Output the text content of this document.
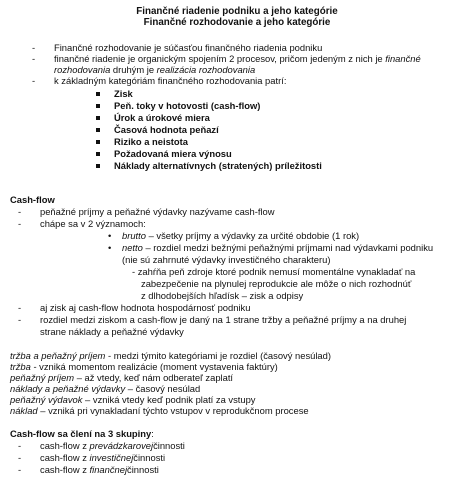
Finančné riadenie podniku a jeho kategórie
Finančné rozhodovanie a jeho kategórie
- Finančné rozhodovanie je súčasťou finančného riadenia podniku
- finančné riadenie je organickým spojením 2 procesov, pričom jedeným z nich je finančné
rozhodovania druhým je realizácia rozhodovania
- k základným kategóriám finančného rozhodovania patrí:
Zisk
Peň. toky v hotovosti (cash-flow)
Úrok a úrokové miera
Časová hodnota peňazí
Riziko a neistota
Požadovaná miera výnosu
Náklady alternatívnych (stratených) príležitosti
Cash-flow
- peňažné príjmy a peňažné výdavky nazývame cash-flow
- chápe sa v 2 významoch:
• brutto – všetky príjmy a výdavky za určité obdobie (1 rok)
• netto – rozdiel medzi bežnými peňažnými príjmami nad výdavkami podniku
(nie sú zahrnuté výdavky investičného charakteru)
- zahŕňa peň zdroje ktoré podnik nemusí momentálne vynakladať na
zabezpečenie na plynulej reprodukcie ale môže o nich rozhodnúť
z dlhodobejších hľadísk – zisk a odpisy
- aj zisk aj cash-flow hodnota hospodárnosť podniku
- rozdiel medzi ziskom a cash-flow je daný na 1 strane tržby a peňažné príjmy a na druhej
strane náklady a peňažné výdavky
tržba a peňažný príjem - medzi týmito kategóriami je rozdiel (časový nesúlad)
tržba - vzniká momentom realizácie (moment vystavenia faktúry)
peňažný príjem – až vtedy, keď nám odberateľ zaplatí
náklady a peňažné výdavky – časový nesúlad
peňažný výdavok – vzniká vtedy keď podnik platí za vstupy
náklad – vzniká pri vynakladaní týchto vstupov v reprodukčnom procese
Cash-flow sa člení na 3 skupiny:
- cash-flow z prevádzkarovejčinnosti
- cash-flow z investičnejčinnosti
- cash-flow z finančnejčinnosti
